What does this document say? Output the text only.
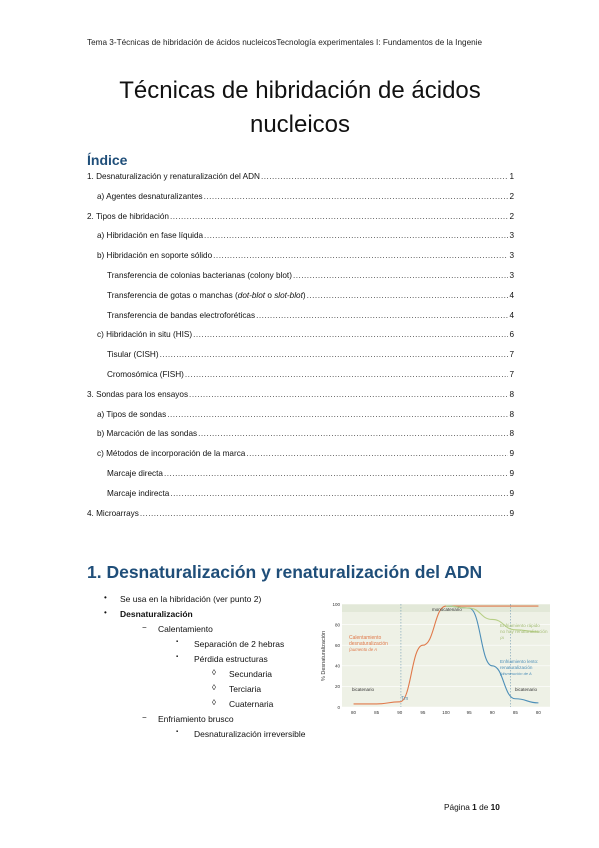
Tema 3-Técnicas de hibridación de ácidos nucleicosTecnología experimentales I: Fundamentos de la Ingenie
Técnicas de hibridación de ácidos
nucleicos
Índice
1. Desnaturalización y renaturalización del ADN .....	1
a) Agentes desnaturalizantes .....	2
2. Tipos de hibridación .....	2
a) Hibridación en fase líquida .....	3
b) Hibridación en soporte sólido .....	3
Transferencia de colonias bacterianas (colony blot) .....	3
Transferencia de gotas o manchas (dot-blot o slot-blot) .....	4
Transferencia de bandas electroforéticas .....	4
c) Hibridación in situ (HIS) .....	6
Tisular (CISH) .....	7
Cromosómica (FISH) .....	7
3. Sondas para los ensayos .....	8
a) Tipos de sondas .....	8
b) Marcación de las sondas .....	8
c) Métodos de incorporación de la marca .....	9
Marcaje directa .....	9
Marcaje indirecta .....	9
4. Microarrays .....	9
1. Desnaturalización y renaturalización del ADN
• Se usa en la hibridación (ver punto 2)
• Desnaturalización
− Calentamiento
▪ Separación de 2 hebras
▪ Pérdida estructuras
◊ Secundaria
◊ Terciaria
◊ Cuaternaria
− Enfriamiento brusco
▪ Desnaturalización irreversible
100
80
60
40
20
0
80	85	90	95	100	95	90	85	80
% Desnaturalización
monocatenario
bicatenario	bicatenario
Tm
Calentamiento
desnaturalización
(aumento de A
Enfriamiento rápido
no hay renaturalización
(A
Enfriamiento lento:
renaturalización
(disminución de A
Página 1 de 10
